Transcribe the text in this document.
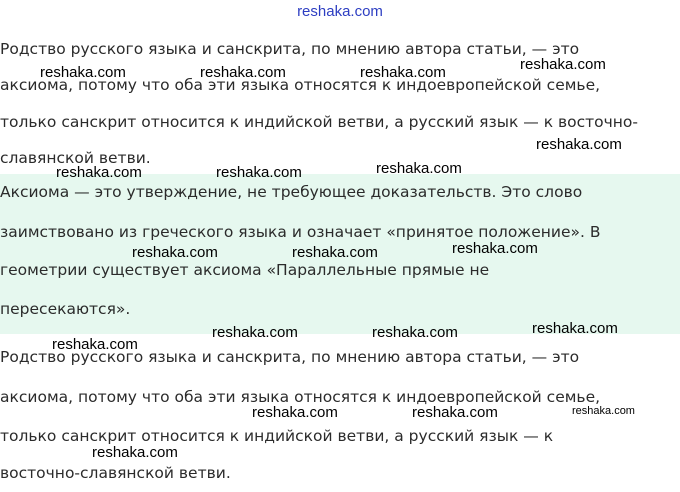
reshaka.com

Родство русского языка и санскрита, по мнению автора статьи, — это

аксиома, потому что оба эти языка относятся к индоевропейской семье,

только санскрит относится к индийской ветви, а русский язык — к восточно-

славянской ветви.

Аксиома — это утверждение, не требующее доказательств. Это слово

заимствовано из греческого языка и означает «принятое положение». В

геометрии существует аксиома «Параллельные прямые не

пересекаются».

Родство русского языка и санскрита, по мнению автора статьи, — это

аксиома, потому что оба эти языка относятся к индоевропейской семье,

только санскрит относится к индийской ветви, а русский язык — к

восточно-славянской ветви.

reshaka.com	reshaka.com	reshaka.com	reshaka.com
reshaka.com
reshaka.com	reshaka.com	reshaka.com
reshaka.com	reshaka.com	reshaka.com
reshaka.com	reshaka.com	reshaka.com
reshaka.com
reshaka.com	reshaka.com	reshaka.com
reshaka.com
